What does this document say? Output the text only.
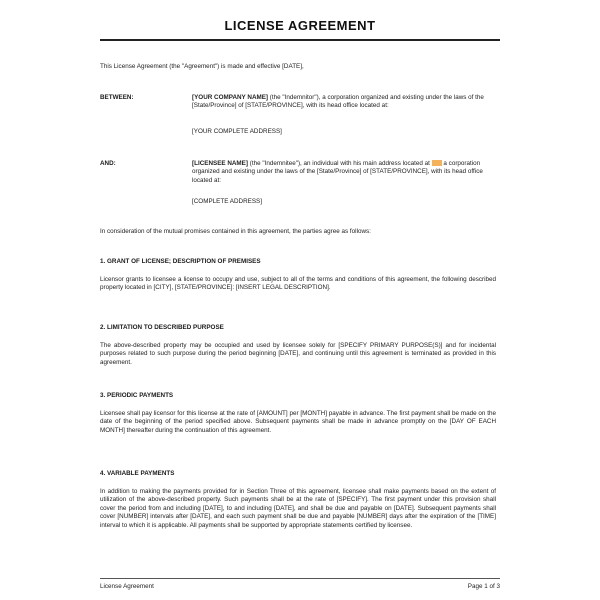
LICENSE AGREEMENT

This License Agreement (the "Agreement") is made and effective [DATE],

BETWEEN:	[YOUR COMPANY NAME] (the "Indemnitor"), a corporation organized and existing under the laws of the [State/Province] of [STATE/PROVINCE], with its head office located at:

[YOUR COMPLETE ADDRESS]

AND:	[LICENSEE NAME] (the "Indemnitee"), an individual with his main address located at  a corporation organized and existing under the laws of the [State/Province] of [STATE/PROVINCE], with its head office located at:

[COMPLETE ADDRESS]

In consideration of the mutual promises contained in this agreement, the parties agree as follows:

1. GRANT OF LICENSE; DESCRIPTION OF PREMISES

Licensor grants to licensee a license to occupy and use, subject to all of the terms and conditions of this agreement, the following described property located in [CITY], [STATE/PROVINCE]: [INSERT LEGAL DESCRIPTION].

2. LIMITATION TO DESCRIBED PURPOSE

The above-described property may be occupied and used by licensee solely for [SPECIFY PRIMARY PURPOSE(S)] and for incidental purposes related to such purpose during the period beginning [DATE], and continuing until this agreement is terminated as provided in this agreement.

3. PERIODIC PAYMENTS

Licensee shall pay licensor for this license at the rate of [AMOUNT] per [MONTH] payable in advance. The first payment shall be made on the date of the beginning of the period specified above. Subsequent payments shall be made in advance promptly on the [DAY OF EACH MONTH] thereafter during the continuation of this agreement.

4. VARIABLE PAYMENTS

In addition to making the payments provided for in Section Three of this agreement, licensee shall make payments based on the extent of utilization of the above-described property. Such payments shall be at the rate of [SPECIFY]. The first payment under this provision shall cover the period from and including [DATE], to and including [DATE], and shall be due and payable on [DATE]. Subsequent payments shall cover [NUMBER] intervals after [DATE], and each such payment shall be due and payable [NUMBER] days after the expiration of the [TIME] interval to which it is applicable. All payments shall be supported by appropriate statements certified by licensee.

License Agreement	Page 1 of 3
